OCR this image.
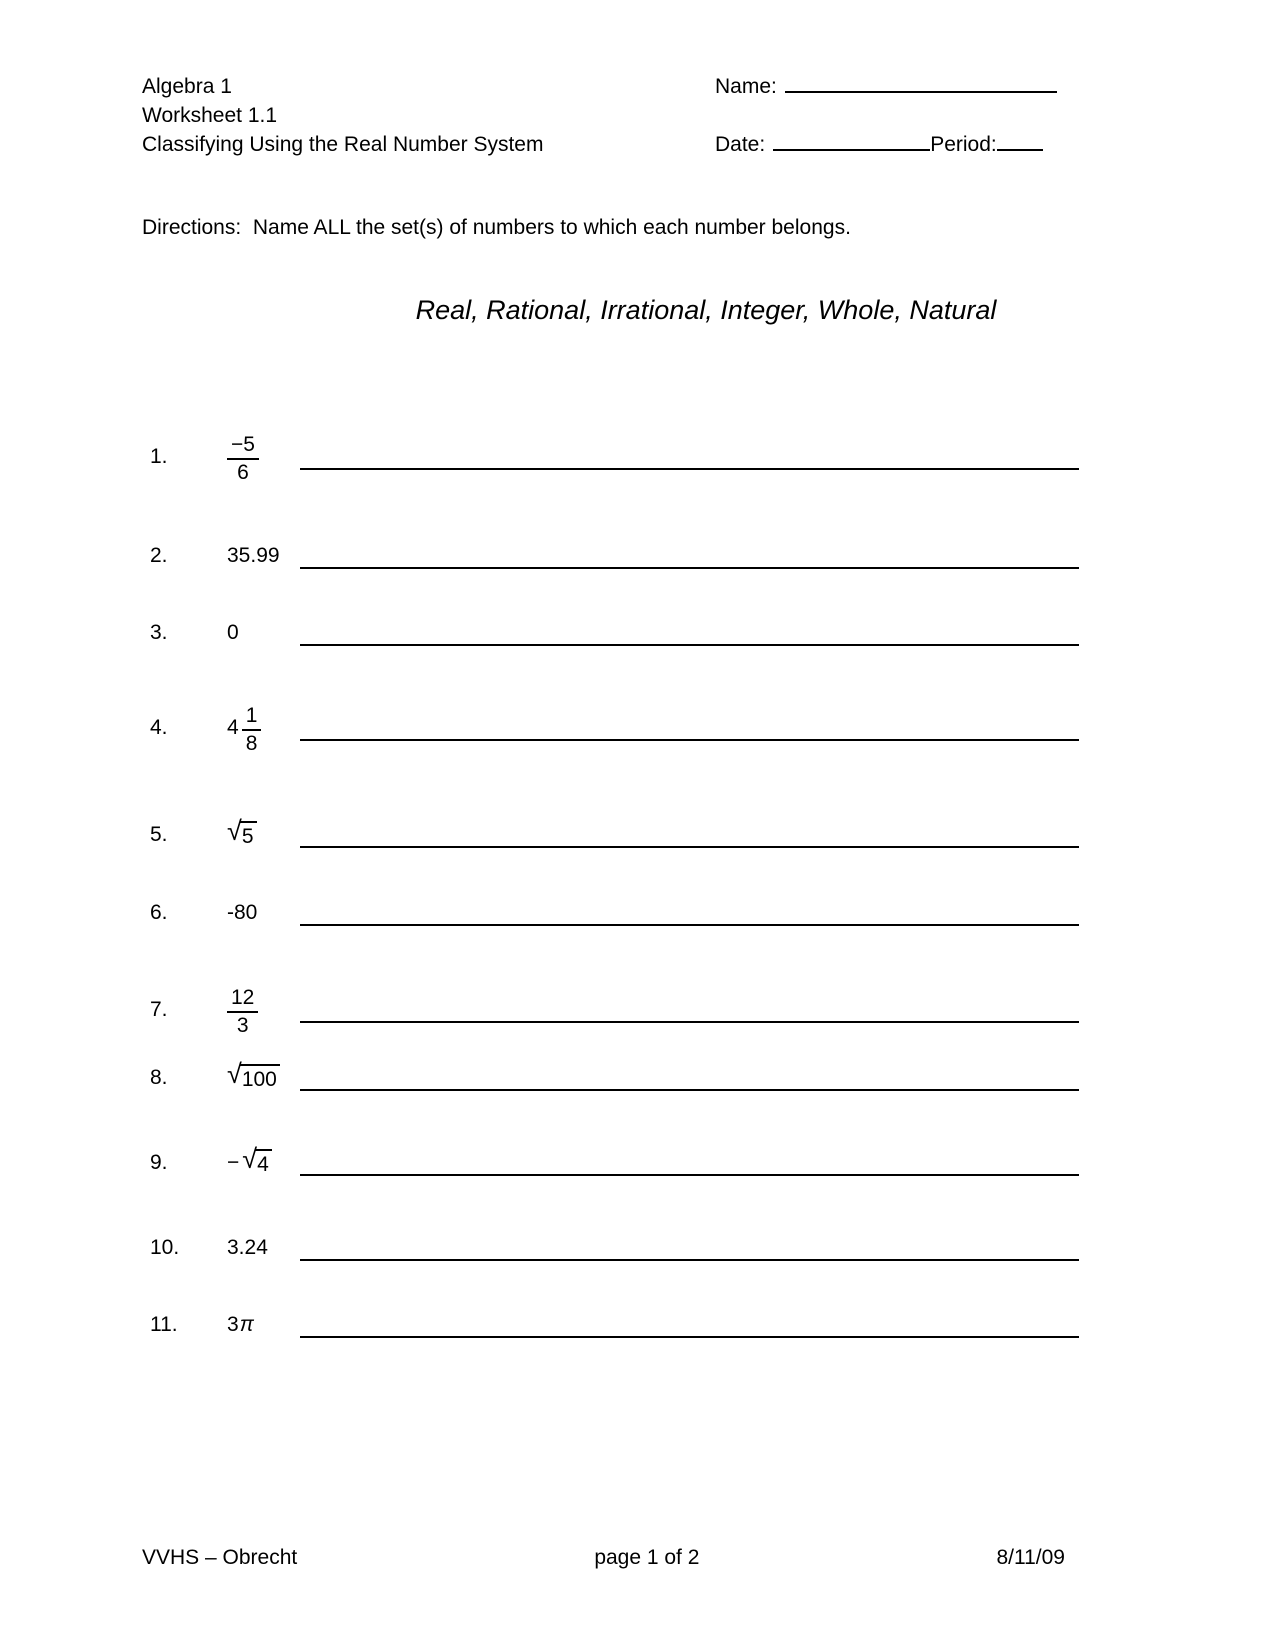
Algebra 1
Worksheet 1.1
Classifying Using the Real Number System
Name:
Date:	Period:
Directions:  Name ALL the set(s) of numbers to which each number belongs.
Real, Rational, Irrational, Integer, Whole, Natural
1.	$\frac{-5}{6}$
2.	35.99
3.	0
4.	$4 \frac{1}{8}$
5.	√ 5
6.	-80
7.	$\frac{12}{3}$
8.	√ 100
9.	− √ 4
10.	3.24
11.	3 π
VVHS – Obrecht	page 1 of 2	8/11/09
